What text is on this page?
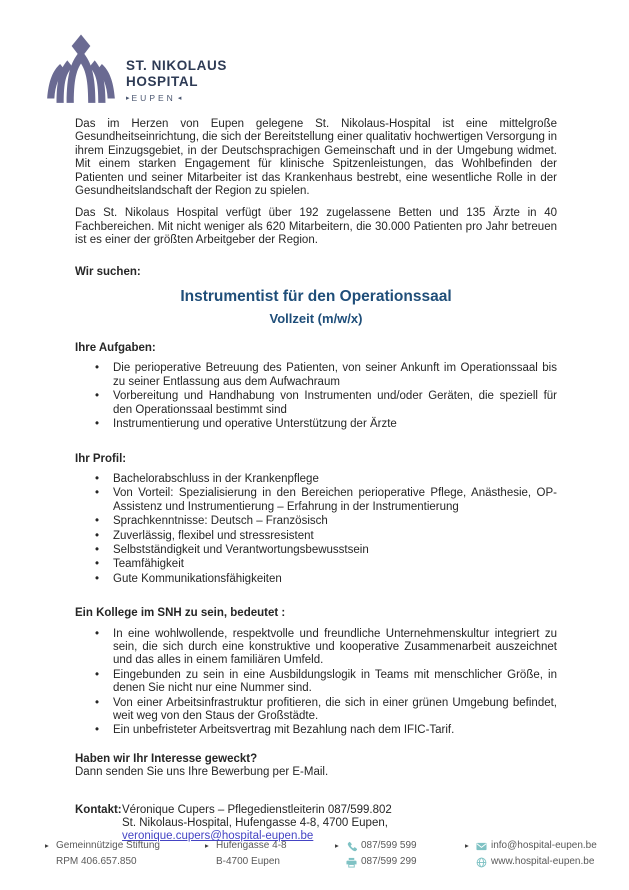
ST. NIKOLAUS
HOSPITAL
▸ EUPEN ◂

Das im Herzen von Eupen gelegene St. Nikolaus-Hospital ist eine mittelgroße Gesundheitseinrichtung, die sich der Bereitstellung einer qualitativ hochwertigen Versorgung in ihrem Einzugsgebiet, in der Deutschsprachigen Gemeinschaft und in der Umgebung widmet. Mit einem starken Engagement für klinische Spitzenleistungen, das Wohlbefinden der Patienten und seiner Mitarbeiter ist das Krankenhaus bestrebt, eine wesentliche Rolle in der Gesundheitslandschaft der Region zu spielen.

Das St. Nikolaus Hospital verfügt über 192 zugelassene Betten und 135 Ärzte in 40 Fachbereichen. Mit nicht weniger als 620 Mitarbeitern, die 30.000 Patienten pro Jahr betreuen ist es einer der größten Arbeitgeber der Region.

Wir suchen:
Instrumentist für den Operationssaal
Vollzeit (m/w/x)
Ihre Aufgaben:
• Die perioperative Betreuung des Patienten, von seiner Ankunft im Operationssaal bis zu seiner Entlassung aus dem Aufwachraum
• Vorbereitung und Handhabung von Instrumenten und/oder Geräten, die speziell für den Operationssaal bestimmt sind
• Instrumentierung und operative Unterstützung der Ärzte
Ihr Profil:
• Bachelorabschluss in der Krankenpflege
• Von Vorteil: Spezialisierung in den Bereichen perioperative Pflege, Anästhesie, OP-Assistenz und Instrumentierung – Erfahrung in der Instrumentierung
• Sprachkenntnisse: Deutsch – Französisch
• Zuverlässig, flexibel und stressresistent
• Selbstständigkeit und Verantwortungsbewusstsein
• Teamfähigkeit
• Gute Kommunikationsfähigkeiten
Ein Kollege im SNH zu sein, bedeutet :
• In eine wohlwollende, respektvolle und freundliche Unternehmenskultur integriert zu sein, die sich durch eine konstruktive und kooperative Zusammenarbeit auszeichnet und das alles in einem familiären Umfeld.
• Eingebunden zu sein in eine Ausbildungslogik in Teams mit menschlicher Größe, in denen Sie nicht nur eine Nummer sind.
• Von einer Arbeitsinfrastruktur profitieren, die sich in einer grünen Umgebung befindet, weit weg von den Staus der Großstädte.
• Ein unbefristeter Arbeitsvertrag mit Bezahlung nach dem IFIC-Tarif.
Haben wir Ihr Interesse geweckt?
Dann senden Sie uns Ihre Bewerbung per E-Mail.
Kontakt: Véronique Cupers – Pflegedienstleiterin 087/599.802
St. Nikolaus-Hospital, Hufengasse 4-8, 4700 Eupen,
veronique.cupers@hospital-eupen.be
▸ Gemeinnützige Stiftung
RPM 406.657.850
▸ Hufengasse 4-8
B-4700 Eupen
▸	087/599 599
087/599 299
▸	info@hospital-eupen.be
www.hospital-eupen.be
